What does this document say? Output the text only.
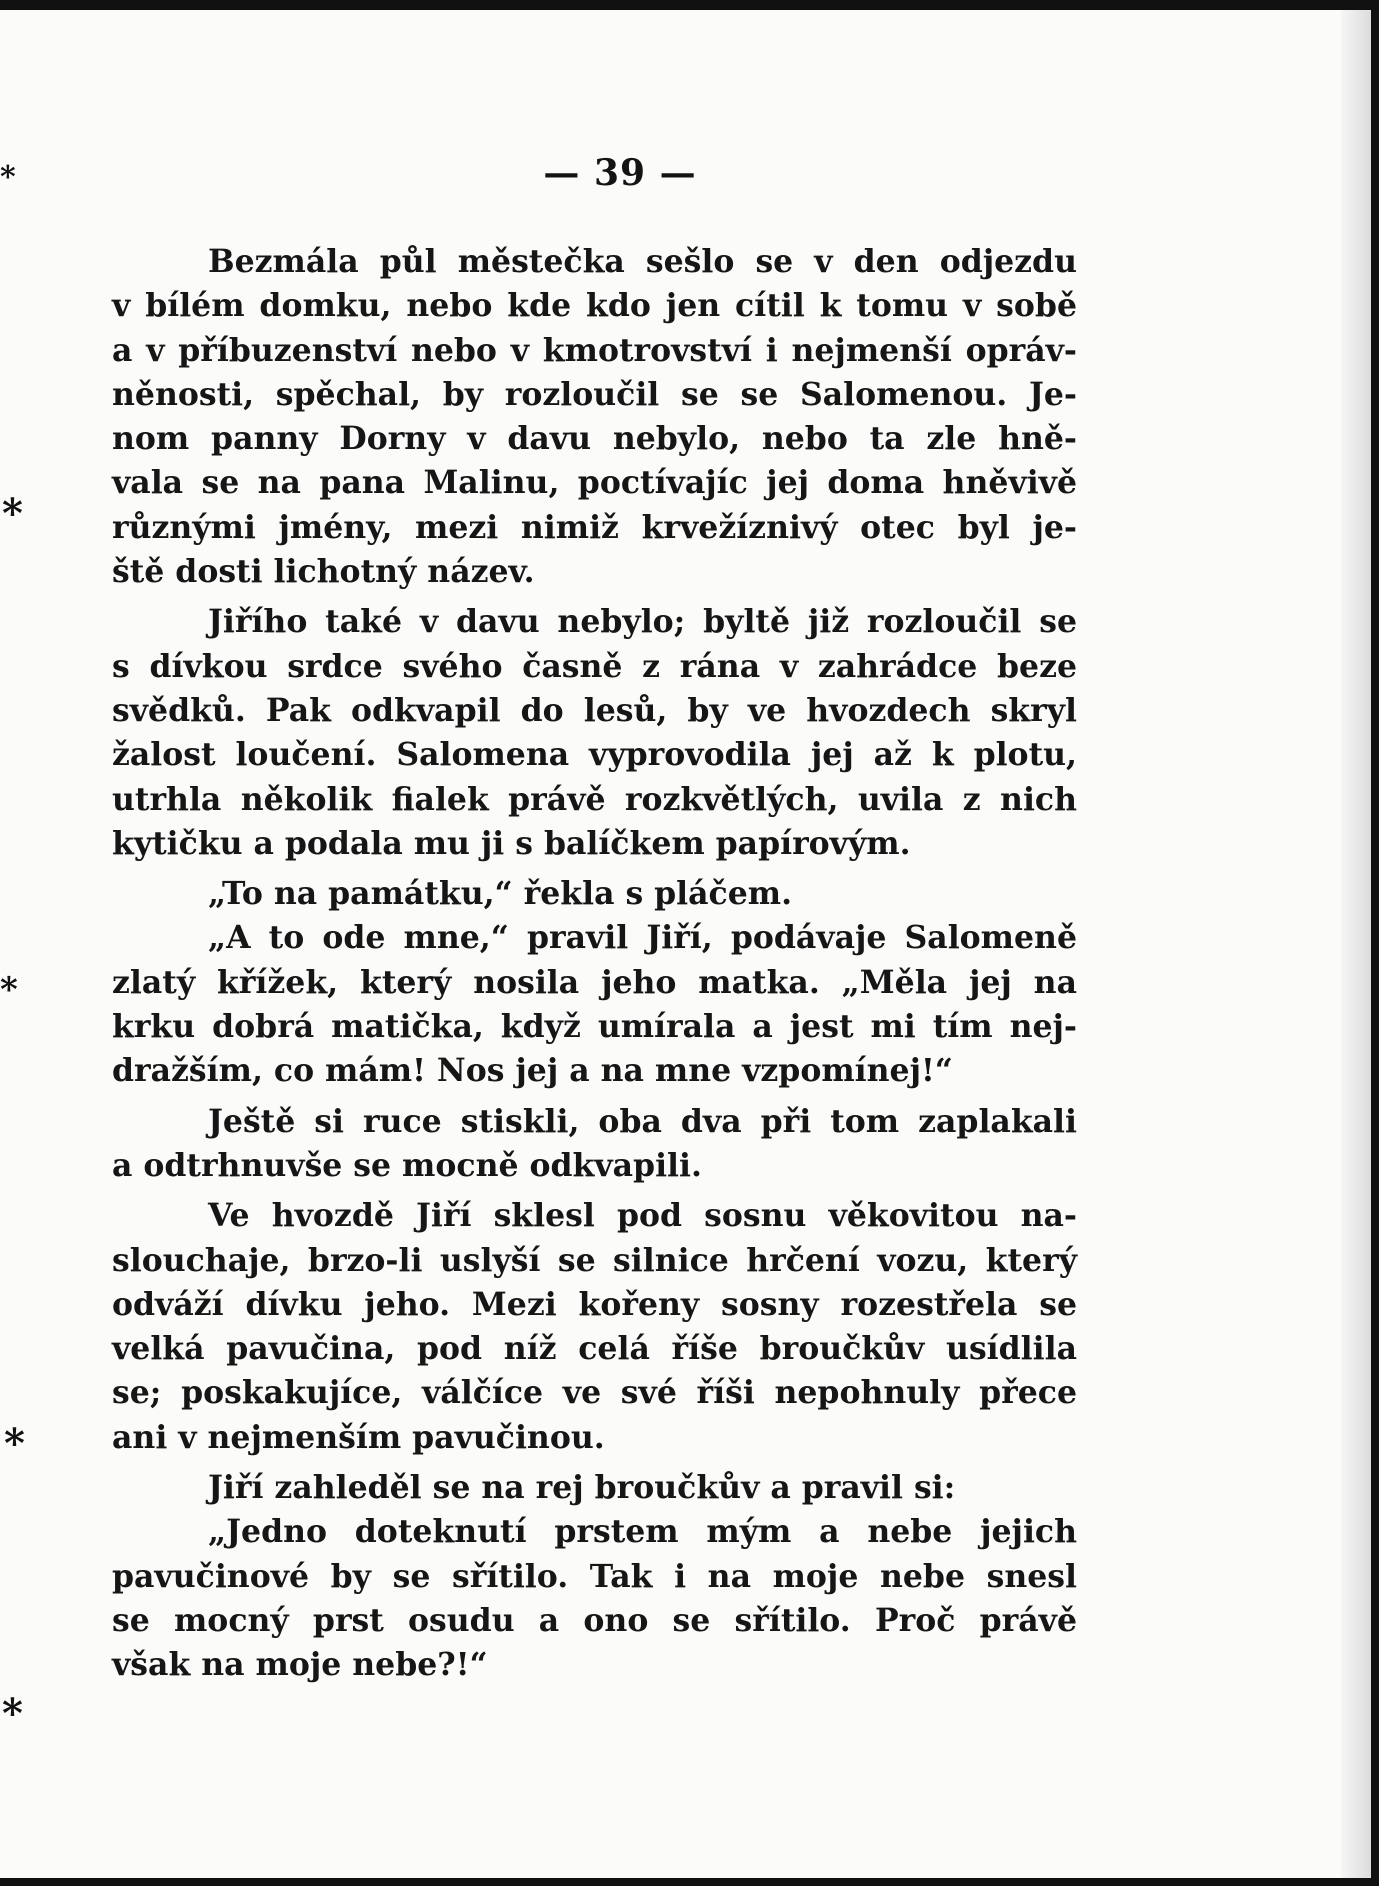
*
*
*
*
*
— 39 —
Bezmála půl městečka sešlo se v den odjezdu
v bílém domku, nebo kde kdo jen cítil k tomu v sobě
a v příbuzenství nebo v kmotrovství i nejmenší opráv-
něnosti, spěchal, by rozloučil se se Salomenou. Je-
nom panny Dorny v davu nebylo, nebo ta zle hně-
vala se na pana Malinu, poctívajíc jej doma hněvivě
různými jmény, mezi nimiž krvežíznivý otec byl je-
ště dosti lichotný název.
Jiřího také v davu nebylo; byltě již rozloučil se
s dívkou srdce svého časně z rána v zahrádce beze
svědků. Pak odkvapil do lesů, by ve hvozdech skryl
žalost loučení. Salomena vyprovodila jej až k plotu,
utrhla několik fialek právě rozkvětlých, uvila z nich
kytičku a podala mu ji s balíčkem papírovým.
„To na památku,“ řekla s pláčem.
„A to ode mne,“ pravil Jiří, podávaje Salomeně
zlatý křížek, který nosila jeho matka. „Měla jej na
krku dobrá matička, když umírala a jest mi tím nej-
dražším, co mám! Nos jej a na mne vzpomínej!“
Ještě si ruce stiskli, oba dva při tom zaplakali
a odtrhnuvše se mocně odkvapili.
Ve hvozdě Jiří sklesl pod sosnu věkovitou na-
slouchaje, brzo-li uslyší se silnice hrčení vozu, který
odváží dívku jeho. Mezi kořeny sosny rozestřela se
velká pavučina, pod níž celá říše broučkův usídlila
se; poskakujíce, válčíce ve své říši nepohnuly přece
ani v nejmenším pavučinou.
Jiří zahleděl se na rej broučkův a pravil si:
„Jedno doteknutí prstem mým a nebe jejich
pavučinové by se sřítilo. Tak i na moje nebe snesl
se mocný prst osudu a ono se sřítilo. Proč právě
však na moje nebe?!“
